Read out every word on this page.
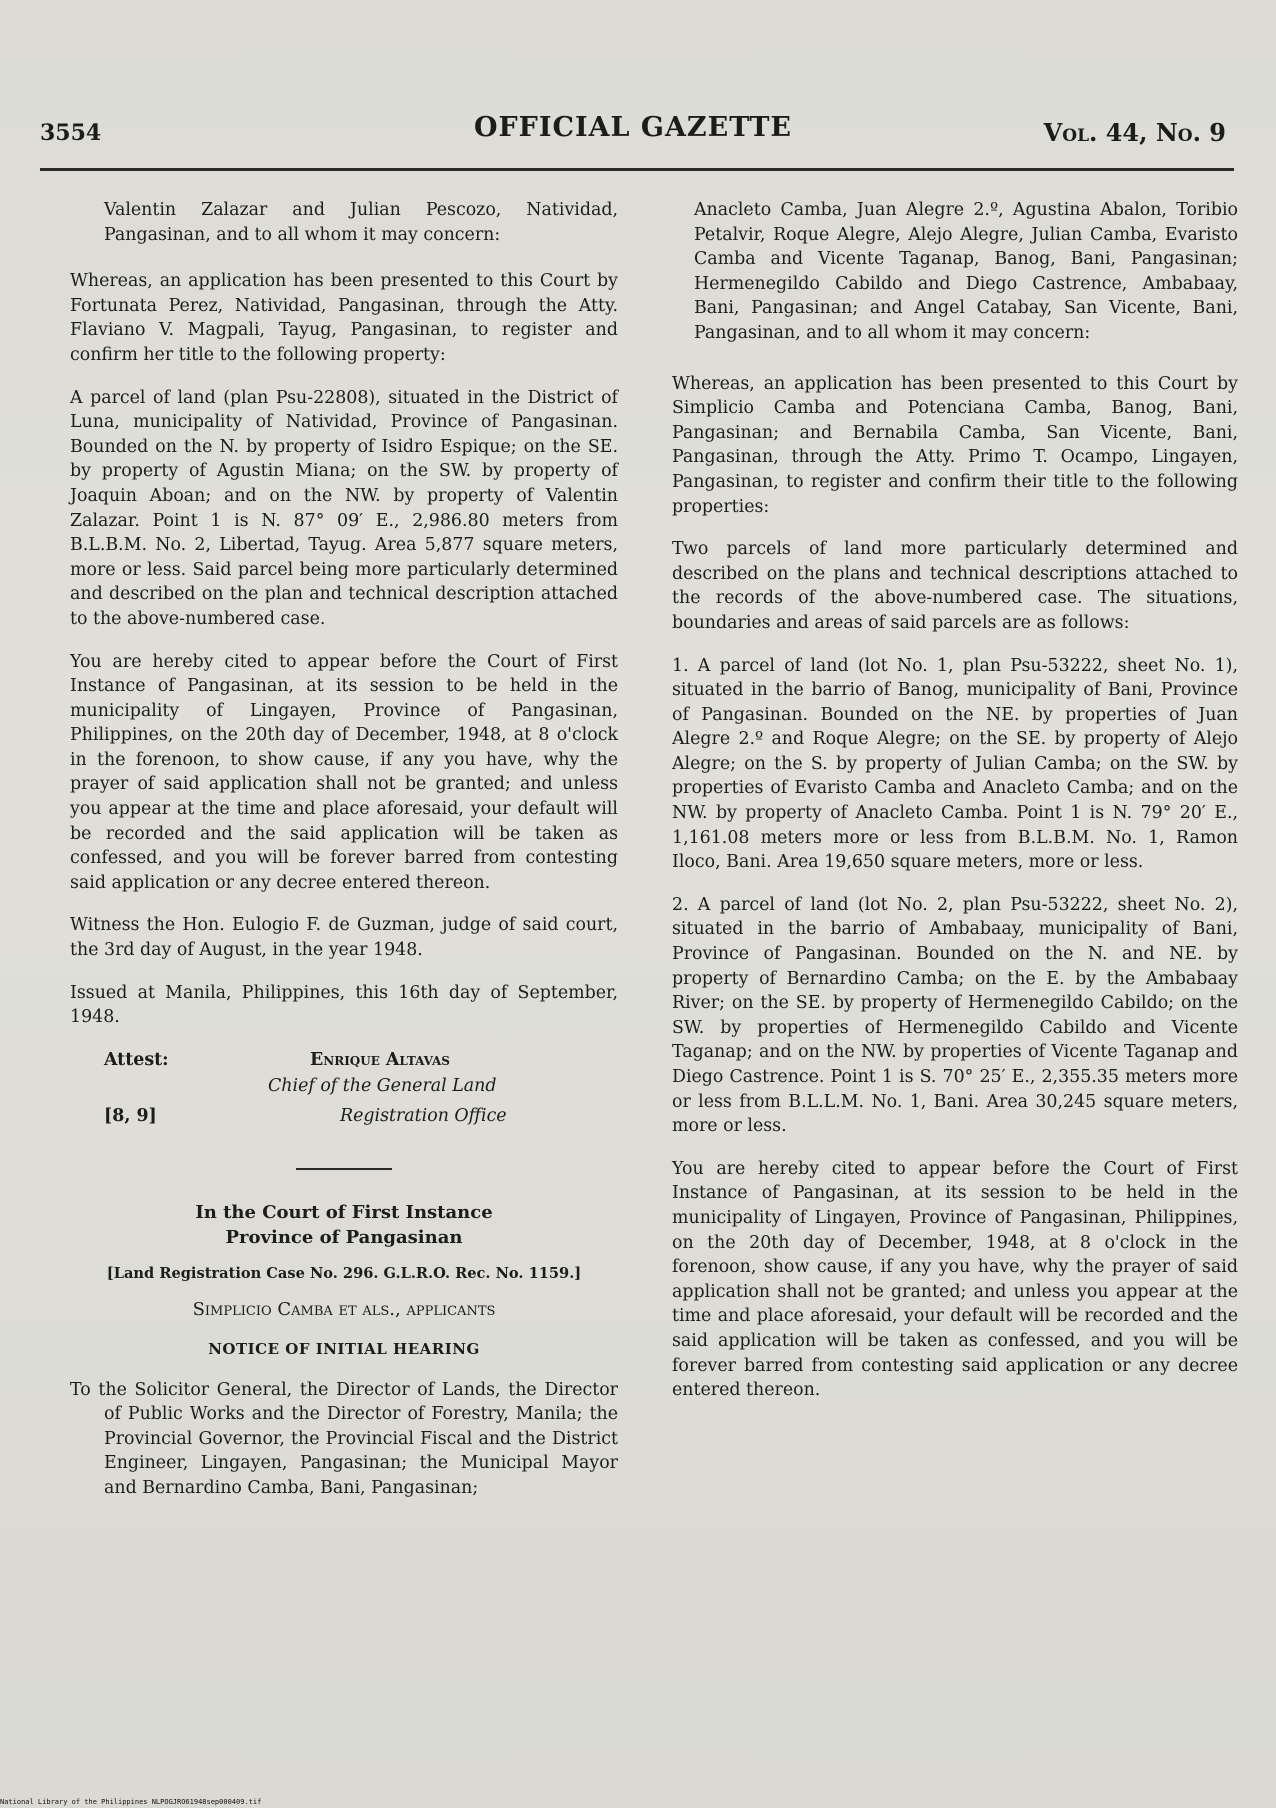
3554	OFFICIAL GAZETTE	Vol. 44, No. 9
Valentin Zalazar and Julian Pescozo, Natividad, Pangasinan, and to all whom it may concern:

Whereas, an application has been presented to this Court by Fortunata Perez, Natividad, Pangasinan, through the Atty. Flaviano V. Magpali, Tayug, Pangasinan, to register and confirm her title to the following property:

A parcel of land (plan Psu-22808), situated in the District of Luna, municipality of Natividad, Province of Pangasinan. Bounded on the N. by property of Isidro Espique; on the SE. by property of Agustin Miana; on the SW. by property of Joaquin Aboan; and on the NW. by property of Valentin Zalazar. Point 1 is N. 87° 09′ E., 2,986.80 meters from B.L.B.M. No. 2, Libertad, Tayug. Area 5,877 square meters, more or less. Said parcel being more particularly determined and described on the plan and technical description attached to the above-numbered case.

You are hereby cited to appear before the Court of First Instance of Pangasinan, at its session to be held in the municipality of Lingayen, Province of Pangasinan, Philippines, on the 20th day of December, 1948, at 8 o'clock in the forenoon, to show cause, if any you have, why the prayer of said application shall not be granted; and unless you appear at the time and place aforesaid, your default will be recorded and the said application will be taken as confessed, and you will be forever barred from contesting said application or any decree entered thereon.

Witness the Hon. Eulogio F. de Guzman, judge of said court, the 3rd day of August, in the year 1948.

Issued at Manila, Philippines, this 16th day of September, 1948.

Attest:	Enrique Altavas
Chief of the General Land
[8, 9]	Registration Office
In the Court of First Instance
Province of Pangasinan
[Land Registration Case No. 296. G.L.R.O. Rec. No. 1159.]
Simplicio Camba et als., applicants
NOTICE OF INITIAL HEARING
To the Solicitor General, the Director of Lands, the Director of Public Works and the Director of Forestry, Manila; the Provincial Governor, the Provincial Fiscal and the District Engineer, Lingayen, Pangasinan; the Municipal Mayor and Bernardino Camba, Bani, Pangasinan;
Anacleto Camba, Juan Alegre 2.º, Agustina Abalon, Toribio Petalvir, Roque Alegre, Alejo Alegre, Julian Camba, Evaristo Camba and Vicente Taganap, Banog, Bani, Pangasinan; Hermenegildo Cabildo and Diego Castrence, Ambabaay, Bani, Pangasinan; and Angel Catabay, San Vicente, Bani, Pangasinan, and to all whom it may concern:

Whereas, an application has been presented to this Court by Simplicio Camba and Potenciana Camba, Banog, Bani, Pangasinan; and Bernabila Camba, San Vicente, Bani, Pangasinan, through the Atty. Primo T. Ocampo, Lingayen, Pangasinan, to register and confirm their title to the following properties:

Two parcels of land more particularly determined and described on the plans and technical descriptions attached to the records of the above-numbered case. The situations, boundaries and areas of said parcels are as follows:

1. A parcel of land (lot No. 1, plan Psu-53222, sheet No. 1), situated in the barrio of Banog, municipality of Bani, Province of Pangasinan. Bounded on the NE. by properties of Juan Alegre 2.º and Roque Alegre; on the SE. by property of Alejo Alegre; on the S. by property of Julian Camba; on the SW. by properties of Evaristo Camba and Anacleto Camba; and on the NW. by property of Anacleto Camba. Point 1 is N. 79° 20′ E., 1,161.08 meters more or less from B.L.B.M. No. 1, Ramon Iloco, Bani. Area 19,650 square meters, more or less.

2. A parcel of land (lot No. 2, plan Psu-53222, sheet No. 2), situated in the barrio of Ambabaay, municipality of Bani, Province of Pangasinan. Bounded on the N. and NE. by property of Bernardino Camba; on the E. by the Ambabaay River; on the SE. by property of Hermenegildo Cabildo; on the SW. by properties of Hermenegildo Cabildo and Vicente Taganap; and on the NW. by properties of Vicente Taganap and Diego Castrence. Point 1 is S. 70° 25′ E., 2,355.35 meters more or less from B.L.L.M. No. 1, Bani. Area 30,245 square meters, more or less.

You are hereby cited to appear before the Court of First Instance of Pangasinan, at its session to be held in the municipality of Lingayen, Province of Pangasinan, Philippines, on the 20th day of December, 1948, at 8 o'clock in the forenoon, show cause, if any you have, why the prayer of said application shall not be granted; and unless you appear at the time and place aforesaid, your default will be recorded and the said application will be taken as confessed, and you will be forever barred from contesting said application or any decree entered thereon.

National Library of the Philippines NLPOGJRO61948sep000409.tif
